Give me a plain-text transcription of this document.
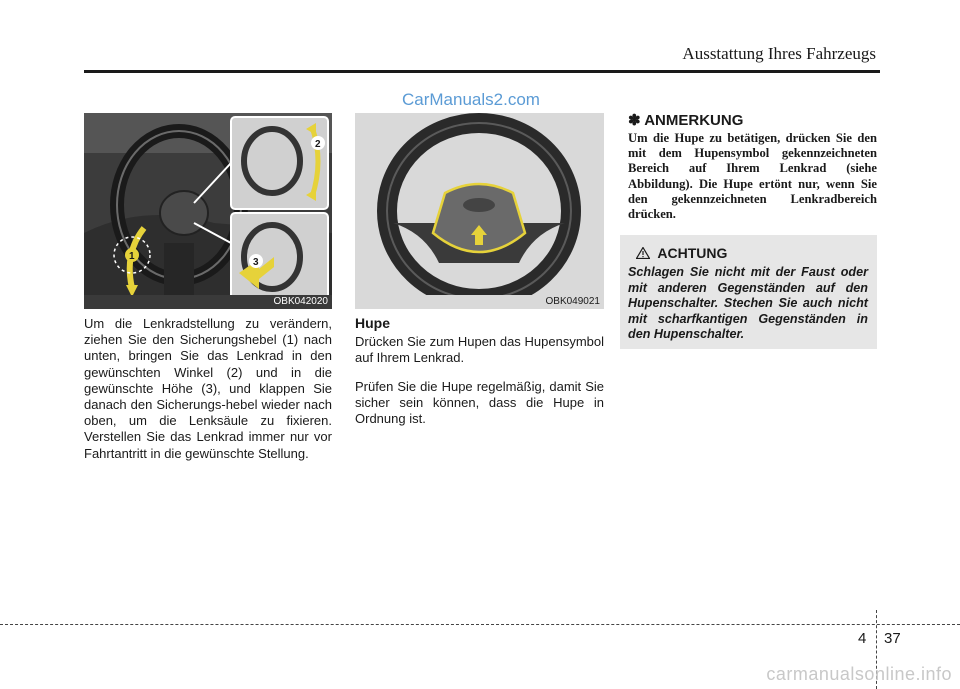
Ausstattung Ihres Fahrzeugs
CarManuals2.com
1
2
3
OBK042020	OBK049021
Um die Lenkradstellung zu verändern, ziehen Sie den Sicherungshebel (1) nach unten, bringen Sie das Lenkrad in den gewünschten Winkel (2) und in die gewünschte Höhe (3), und klappen Sie danach den Sicherungs-hebel wieder nach oben, um die Lenksäule zu fixieren. Verstellen Sie das Lenkrad immer nur vor Fahrtantritt in die gewünschte Stellung.
Hupe
Drücken Sie zum Hupen das Hupensymbol auf Ihrem Lenkrad.
Prüfen Sie die Hupe regelmäßig, damit Sie sicher sein können, dass die Hupe in Ordnung ist.
✽ ANMERKUNG
Um die Hupe zu betätigen, drücken Sie den mit dem Hupensymbol gekennzeichneten Bereich auf Ihrem Lenkrad (siehe Abbildung). Die Hupe ertönt nur, wenn Sie den gekennzeichneten Lenkradbereich drücken.
ACHTUNG
Schlagen Sie nicht mit der Faust oder mit anderen Gegenständen auf den Hupenschalter. Stechen Sie auch nicht mit scharfkantigen Gegenständen in den Hupenschalter.
4 37
carmanualsonline.info
